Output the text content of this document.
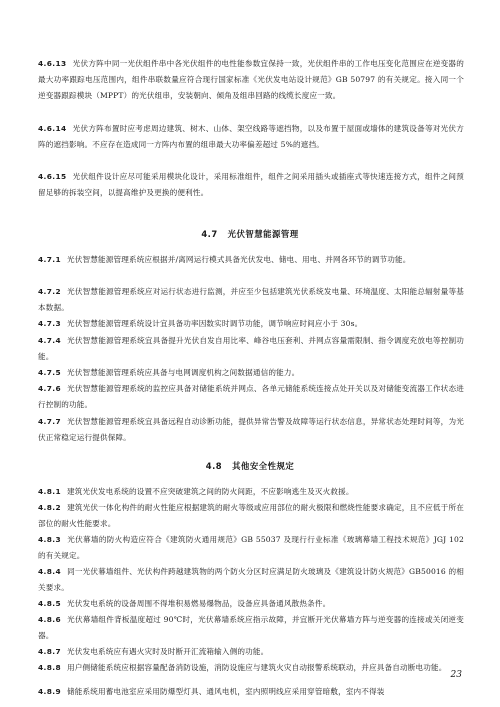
4.6.13 光伏方阵中同一光伏组件串中各光伏组件的电性能参数宜保持一致，光伏组件串的工作电压变化范围应在逆变器的最大功率跟踪电压范围内，组件串联数量应符合现行国家标准《光伏发电站设计规范》GB 50797 的有关规定。接入同一个逆变器跟踪模块（MPPT）的光伏组串，安装朝向、倾角及组串回路的线缆长度应一致。
4.6.14 光伏方阵布置时应考虑周边建筑、树木、山体、架空线路等遮挡物，以及布置于屋面或墙体的建筑设备等对光伏方阵的遮挡影响。不应存在造成同一方阵内布置的组串最大功率偏差超过 5%的遮挡。
4.6.15 光伏组件设计应尽可能采用模块化设计，采用标准组件，组件之间采用插头或插座式等快速连接方式，组件之间预留足够的拆装空间，以提高维护及更换的便利性。
4.7 光伏智慧能源管理
4.7.1 光伏智慧能源管理系统应根据并/离网运行模式具备光伏发电、储电、用电、并网各环节的调节功能。
4.7.2 光伏智慧能源管理系统应对运行状态进行监测，并应至少包括建筑光伏系统发电量、环境温度、太阳能总辐射量等基本数据。
4.7.3 光伏智慧能源管理系统设计宜具备功率因数实时调节功能，调节响应时间应小于 30s。
4.7.4 光伏智慧能源管理系统宜具备提升光伏自发自用比率、峰谷电压套利、并网点容量需限制、指令调度充放电等控制功能。
4.7.5 光伏智慧能源管理系统应具备与电网调度机构之间数据通信的能力。
4.7.6 光伏智慧能源管理系统的监控应具备对储能系统并网点、各单元储能系统连接点处开关以及对储能变流器工作状态进行控制的功能。
4.7.7 光伏智慧能源管理系统宜具备远程自动诊断功能，提供异常告警及故障等运行状态信息，异常状态处理时间等，为光伏正常稳定运行提供保障。
4.8 其他安全性规定
4.8.1 建筑光伏发电系统的设置不应突破建筑之间的防火间距，不应影响逃生及灭火救援。
4.8.2 建筑光伏一体化构件的耐火性能应根据建筑的耐火等级或应用部位的耐火极限和燃烧性能要求确定，且不应低于所在部位的耐火性能要求。
4.8.3 光伏幕墙的防火构造应符合《建筑防火通用规范》GB 55037 及现行行业标准《玻璃幕墙工程技术规范》JGJ 102 的有关规定。
4.8.4 同一光伏幕墙组件、光伏构件跨越建筑物的两个防火分区时应满足防火玻璃及《建筑设计防火规范》GB50016 的相关要求。
4.8.5 光伏发电系统的设备周围不得堆积易燃易爆物品，设备应具备通风散热条件。
4.8.6 光伏幕墙组件背板温度超过 90℃时，光伏幕墙系统应指示故障，并宜断开光伏幕墙方阵与逆变器的连接或关闭逆变器。
4.8.7 光伏发电系统应有遇火灾时及时断开汇流箱输入侧的功能。
4.8.8 用户侧储能系统应根据容量配备消防设施，消防设施应与建筑火灾自动报警系统联动，并应具备自动断电功能。
4.8.9 储能系统用蓄电池室应采用防爆型灯具、通风电机，室内照明线应采用穿管暗敷，室内不得装
23
